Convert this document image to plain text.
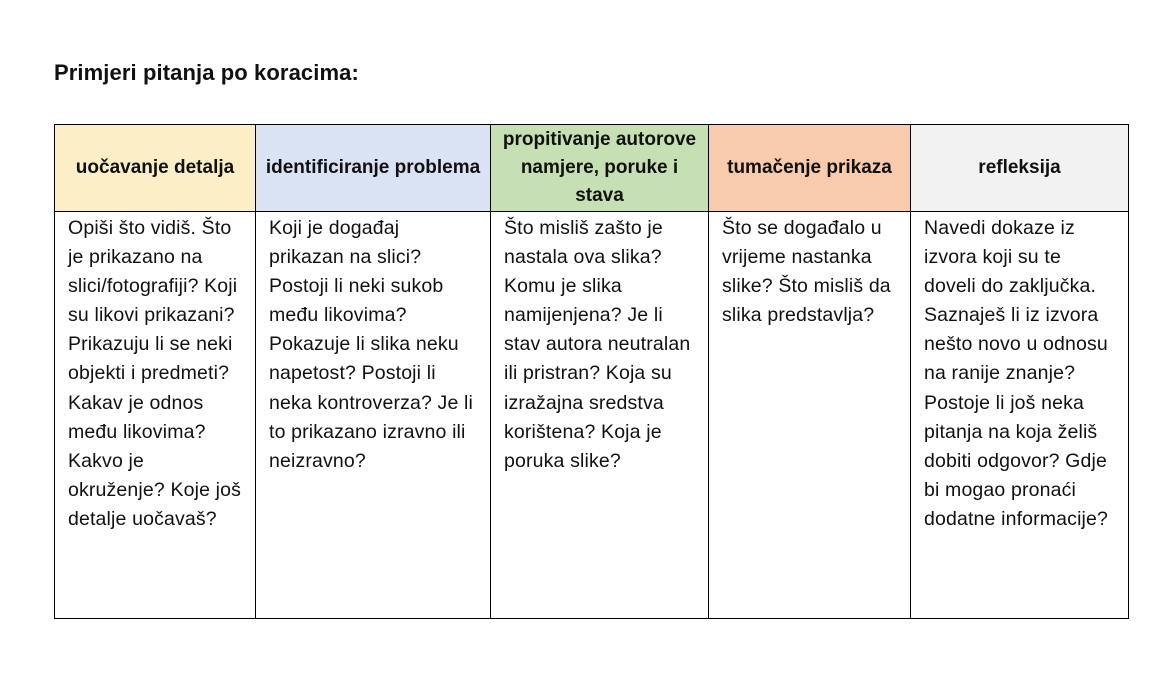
Primjeri pitanja po koracima:
uočavanje detalja	identificiranje problema	propitivanje autorove namjere, poruke i stava	tumačenje prikaza	refleksija
Opiši što vidiš. Što je prikazano na slici/fotografiji? Koji su likovi prikazani? Prikazuju li se neki objekti i predmeti? Kakav je odnos među likovima? Kakvo je okruženje? Koje još detalje uočavaš?	Koji je događaj prikazan na slici? Postoji li neki sukob među likovima? Pokazuje li slika neku napetost? Postoji li neka kontroverza? Je li to prikazano izravno ili neizravno?	Što misliš zašto je nastala ova slika? Komu je slika namijenjena? Je li stav autora neutralan ili pristran? Koja su izražajna sredstva korištena? Koja je poruka slike?	Što se događalo u vrijeme nastanka slike? Što misliš da slika predstavlja?	Navedi dokaze iz izvora koji su te doveli do zaključka. Saznaješ li iz izvora nešto novo u odnosu na ranije znanje? Postoje li još neka pitanja na koja želiš dobiti odgovor? Gdje bi mogao pronaći dodatne informacije?
